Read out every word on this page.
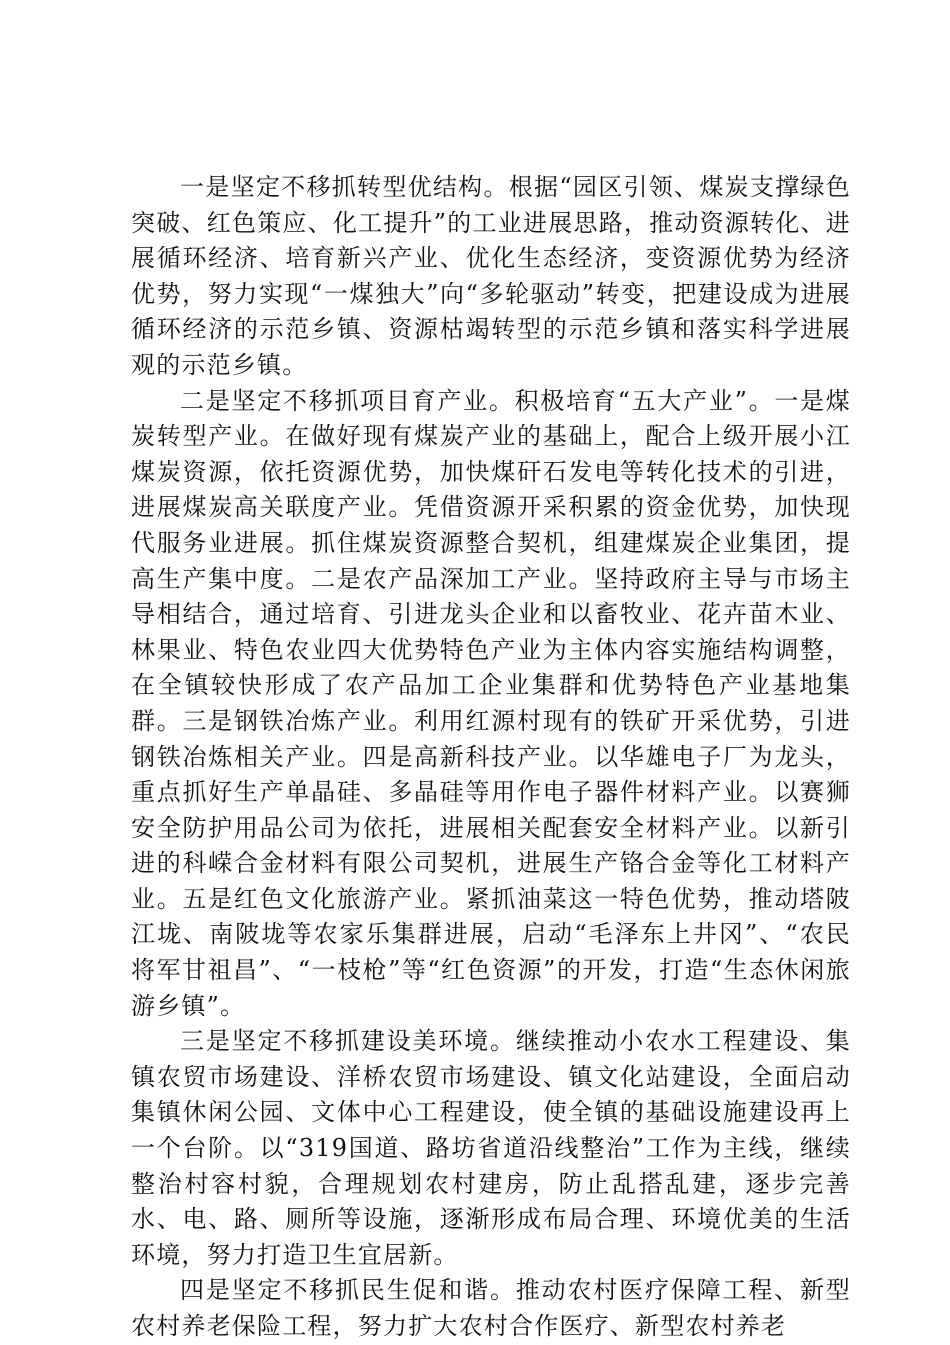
一是坚定不移抓转型优结构。根据“园区引领、煤炭支撑绿色突破、红色策应、化工提升”的工业进展思路，推动资源转化、进展循环经济、培育新兴产业、优化生态经济，变资源优势为经济优势，努力实现“一煤独大”向“多轮驱动”转变，把建设成为进展循环经济的示范乡镇、资源枯竭转型的示范乡镇和落实科学进展观的示范乡镇。

二是坚定不移抓项目育产业。积极培育“五大产业”。一是煤炭转型产业。在做好现有煤炭产业的基础上，配合上级开展小江煤炭资源，依托资源优势，加快煤矸石发电等转化技术的引进，进展煤炭高关联度产业。凭借资源开采积累的资金优势，加快现代服务业进展。抓住煤炭资源整合契机，组建煤炭企业集团，提高生产集中度。二是农产品深加工产业。坚持政府主导与市场主导相结合，通过培育、引进龙头企业和以畜牧业、花卉苗木业、林果业、特色农业四大优势特色产业为主体内容实施结构调整，在全镇较快形成了农产品加工企业集群和优势特色产业基地集群。三是钢铁冶炼产业。利用红源村现有的铁矿开采优势，引进钢铁冶炼相关产业。四是高新科技产业。以华雄电子厂为龙头，重点抓好生产单晶硅、多晶硅等用作电子器件材料产业。以赛狮安全防护用品公司为依托，进展相关配套安全材料产业。以新引进的科嵘合金材料有限公司契机，进展生产铬合金等化工材料产业。五是红色文化旅游产业。紧抓油菜这一特色优势，推动塔陂江垅、南陂垅等农家乐集群进展，启动“毛泽东上井冈”、“农民将军甘祖昌”、“一枝枪”等“红色资源”的开发，打造“生态休闲旅游乡镇”。

三是坚定不移抓建设美环境。继续推动小农水工程建设、集镇农贸市场建设、洋桥农贸市场建设、镇文化站建设，全面启动集镇休闲公园、文体中心工程建设，使全镇的基础设施建设再上一个台阶。以“319国道、路坊省道沿线整治”工作为主线，继续整治村容村貌，合理规划农村建房，防止乱搭乱建，逐步完善水、电、路、厕所等设施，逐渐形成布局合理、环境优美的生活环境，努力打造卫生宜居新。

四是坚定不移抓民生促和谐。推动农村医疗保障工程、新型农村养老保险工程，努力扩大农村合作医疗、新型农村养老
